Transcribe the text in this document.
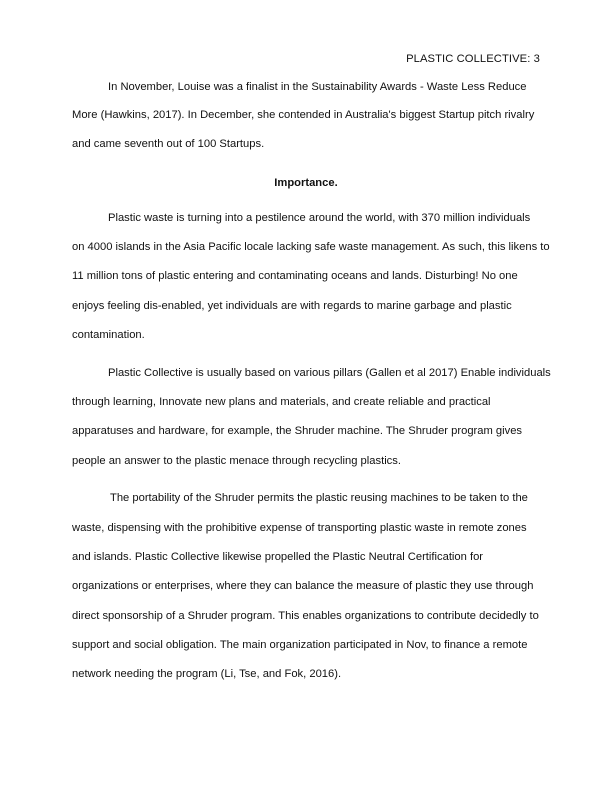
PLASTIC COLLECTIVE: 3
In November, Louise was a finalist in the Sustainability Awards - Waste Less Reduce
More (Hawkins, 2017). In December, she contended in Australia's biggest Startup pitch rivalry
and came seventh out of 100 Startups.
Importance.
Plastic waste is turning into a pestilence around the world, with 370 million individuals
on 4000 islands in the Asia Pacific locale lacking safe waste management. As such, this likens to
11 million tons of plastic entering and contaminating oceans and lands. Disturbing! No one
enjoys feeling dis-enabled, yet individuals are with regards to marine garbage and plastic
contamination.
Plastic Collective is usually based on various pillars (Gallen et al 2017) Enable individuals
through learning, Innovate new plans and materials, and create reliable and practical
apparatuses and hardware, for example, the Shruder machine. The Shruder program gives
people an answer to the plastic menace through recycling plastics.
The portability of the Shruder permits the plastic reusing machines to be taken to the
waste, dispensing with the prohibitive expense of transporting plastic waste in remote zones
and islands. Plastic Collective likewise propelled the Plastic Neutral Certification for
organizations or enterprises, where they can balance the measure of plastic they use through
direct sponsorship of a Shruder program. This enables organizations to contribute decidedly to
support and social obligation. The main organization participated in Nov, to finance a remote
network needing the program (Li, Tse, and Fok, 2016).
